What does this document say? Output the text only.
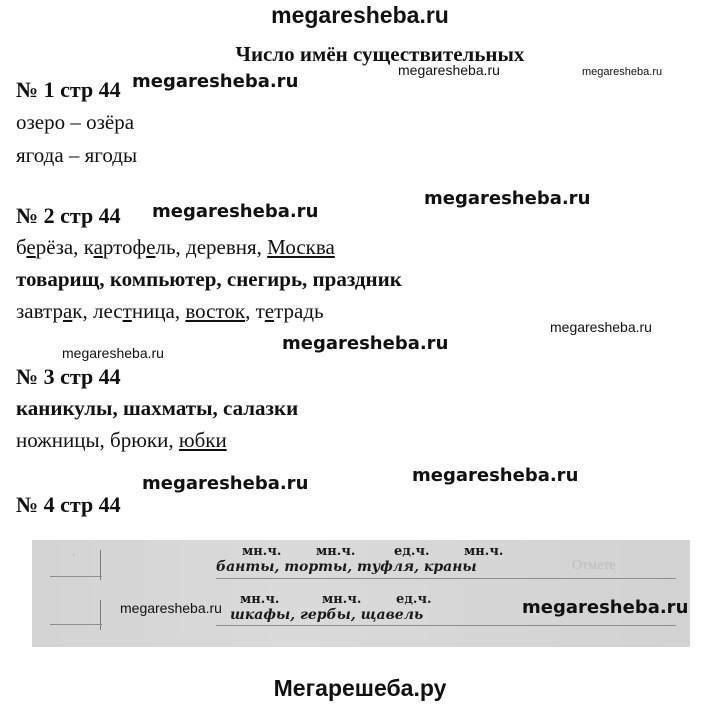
megaresheba.ru
Число имён существительных
megaresheba.ru
megaresheba.ru	megaresheba.ru
megaresheba.ru
megaresheba.ru
megaresheba.ru
megaresheba.ru	megaresheba.ru
megaresheba.ru	megaresheba.ru
№ 1 стр 44
озеро – озёра
ягода – ягоды
№ 2 стр 44
берёза, картофель, деревня, Москва
товарищ, компьютер, снегирь, праздник
завтрак, лестница, восток, тетрадь
№ 3 стр 44
каникулы, шахматы, салазки
ножницы, брюки, юбки
№ 4 стр 44
,	мн.ч.	мн.ч.	ед.ч.	мн.ч.
банты, торты, туфля, краны	Отмете
мн.ч.	мн.ч.	ед.ч.
шкафы, гербы, щавель
megaresheba.ru	megaresheba.ru
Мегарешеба.ру
